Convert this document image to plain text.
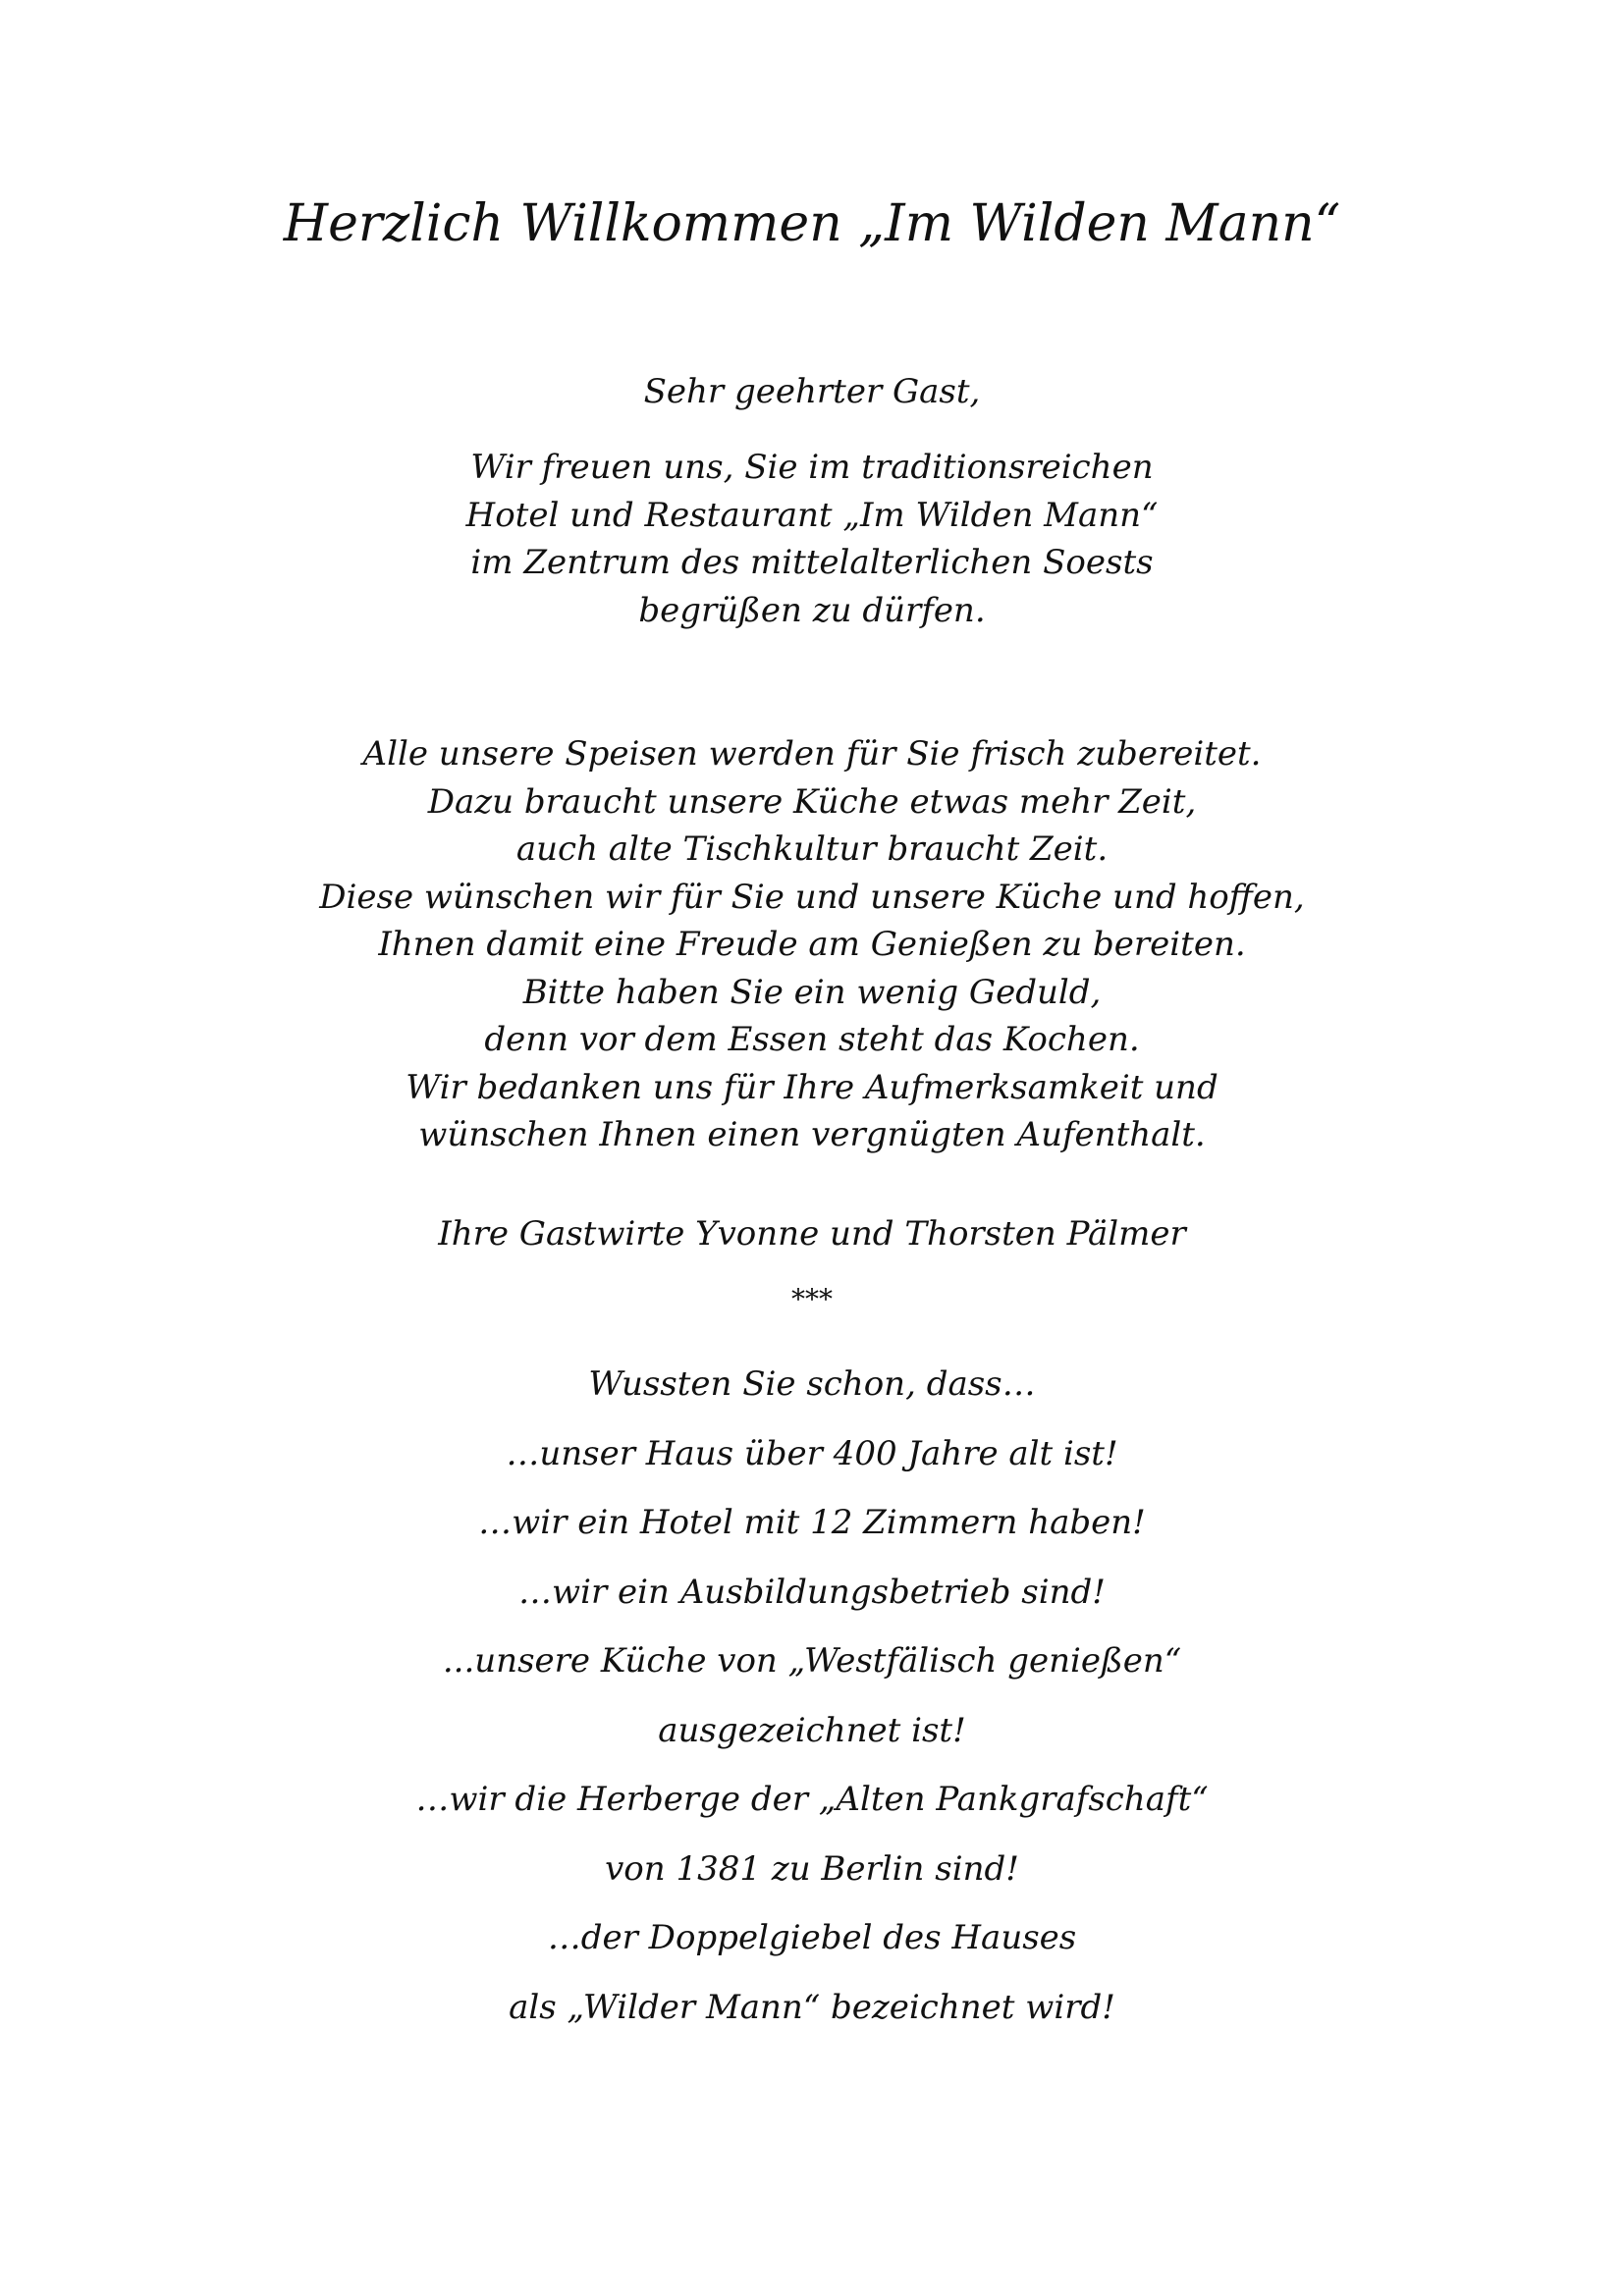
Herzlich Willkommen „Im Wilden Mann“

Sehr geehrter Gast,

Wir freuen uns, Sie im traditionsreichen
Hotel und Restaurant „Im Wilden Mann“
im Zentrum des mittelalterlichen Soests
begrüßen zu dürfen.

Alle unsere Speisen werden für Sie frisch zubereitet.
Dazu braucht unsere Küche etwas mehr Zeit,
auch alte Tischkultur braucht Zeit.
Diese wünschen wir für Sie und unsere Küche und hoffen,
Ihnen damit eine Freude am Genießen zu bereiten.
Bitte haben Sie ein wenig Geduld,
denn vor dem Essen steht das Kochen.
Wir bedanken uns für Ihre Aufmerksamkeit und
wünschen Ihnen einen vergnügten Aufenthalt.

Ihre Gastwirte Yvonne und Thorsten Pälmer

***

Wussten Sie schon, dass…
…unser Haus über 400 Jahre alt ist!
…wir ein Hotel mit 12 Zimmern haben!
…wir ein Ausbildungsbetrieb sind!
...unsere Küche von „Westfälisch genießen“
ausgezeichnet ist!
…wir die Herberge der „Alten Pankgrafschaft“
von 1381 zu Berlin sind!
…der Doppelgiebel des Hauses
als „Wilder Mann“ bezeichnet wird!
